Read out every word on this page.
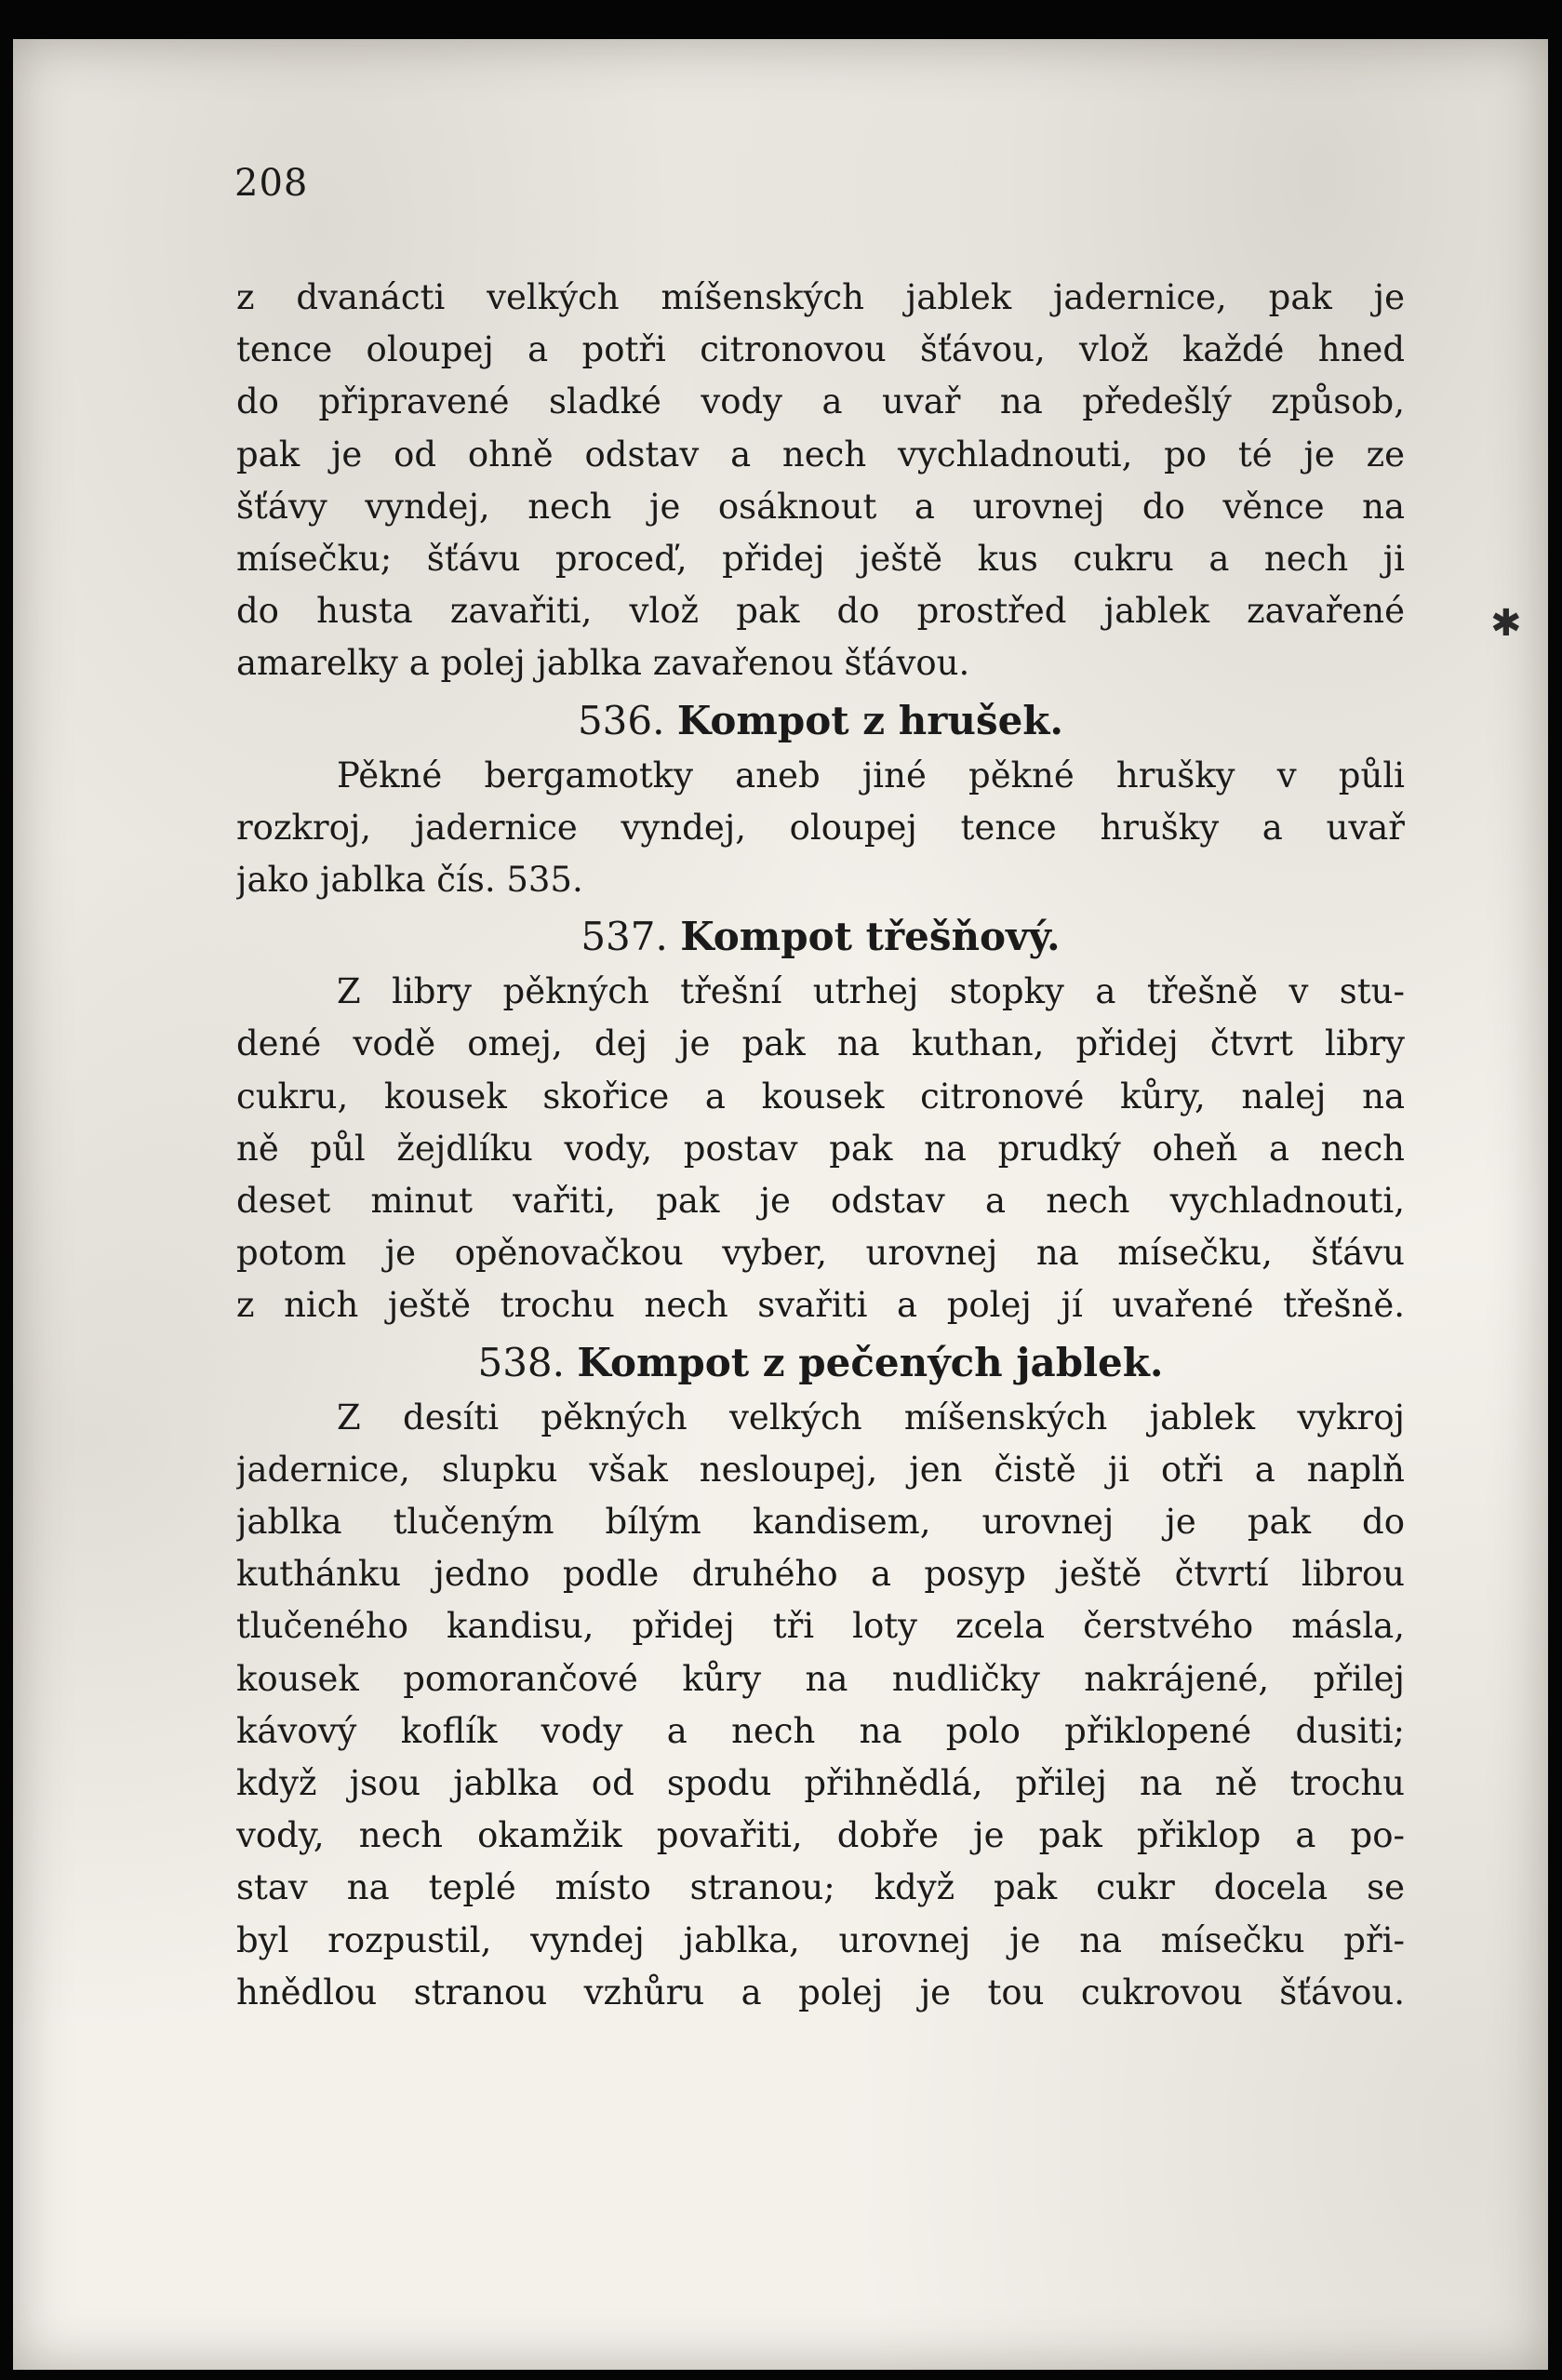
208
✱
z dvanácti velkých míšenských jablek jadernice, pak je
tence oloupej a potři citronovou šťávou, vlož každé hned
do připravené sladké vody a uvař na předešlý způsob,
pak je od ohně odstav a nech vychladnouti, po té je ze
šťávy vyndej, nech je osáknout a urovnej do věnce na
mísečku; šťávu proceď, přidej ještě kus cukru a nech ji
do husta zavařiti, vlož pak do prostřed jablek zavařené
amarelky a polej jablka zavařenou šťávou.
536. Kompot z hrušek.
Pěkné bergamotky aneb jiné pěkné hrušky v půli
rozkroj, jadernice vyndej, oloupej tence hrušky a uvař
jako jablka čís. 535.
537. Kompot třešňový.
Z libry pěkných třešní utrhej stopky a třešně v stu-
dené vodě omej, dej je pak na kuthan, přidej čtvrt libry
cukru, kousek skořice a kousek citronové kůry, nalej na
ně půl žejdlíku vody, postav pak na prudký oheň a nech
deset minut vařiti, pak je odstav a nech vychladnouti,
potom je opěnovačkou vyber, urovnej na mísečku, šťávu
z nich ještě trochu nech svařiti a polej jí uvařené třešně.
538. Kompot z pečených jablek.
Z desíti pěkných velkých míšenských jablek vykroj
jadernice, slupku však nesloupej, jen čistě ji otři a naplň
jablka tlučeným bílým kandisem, urovnej je pak do
kuthánku jedno podle druhého a posyp ještě čtvrtí librou
tlučeného kandisu, přidej tři loty zcela čerstvého másla,
kousek pomorančové kůry na nudličky nakrájené, přilej
kávový koflík vody a nech na polo přiklopené dusiti;
když jsou jablka od spodu přihnědlá, přilej na ně trochu
vody, nech okamžik povařiti, dobře je pak přiklop a po-
stav na teplé místo stranou; když pak cukr docela se
byl rozpustil, vyndej jablka, urovnej je na mísečku při-
hnědlou stranou vzhůru a polej je tou cukrovou šťávou.
